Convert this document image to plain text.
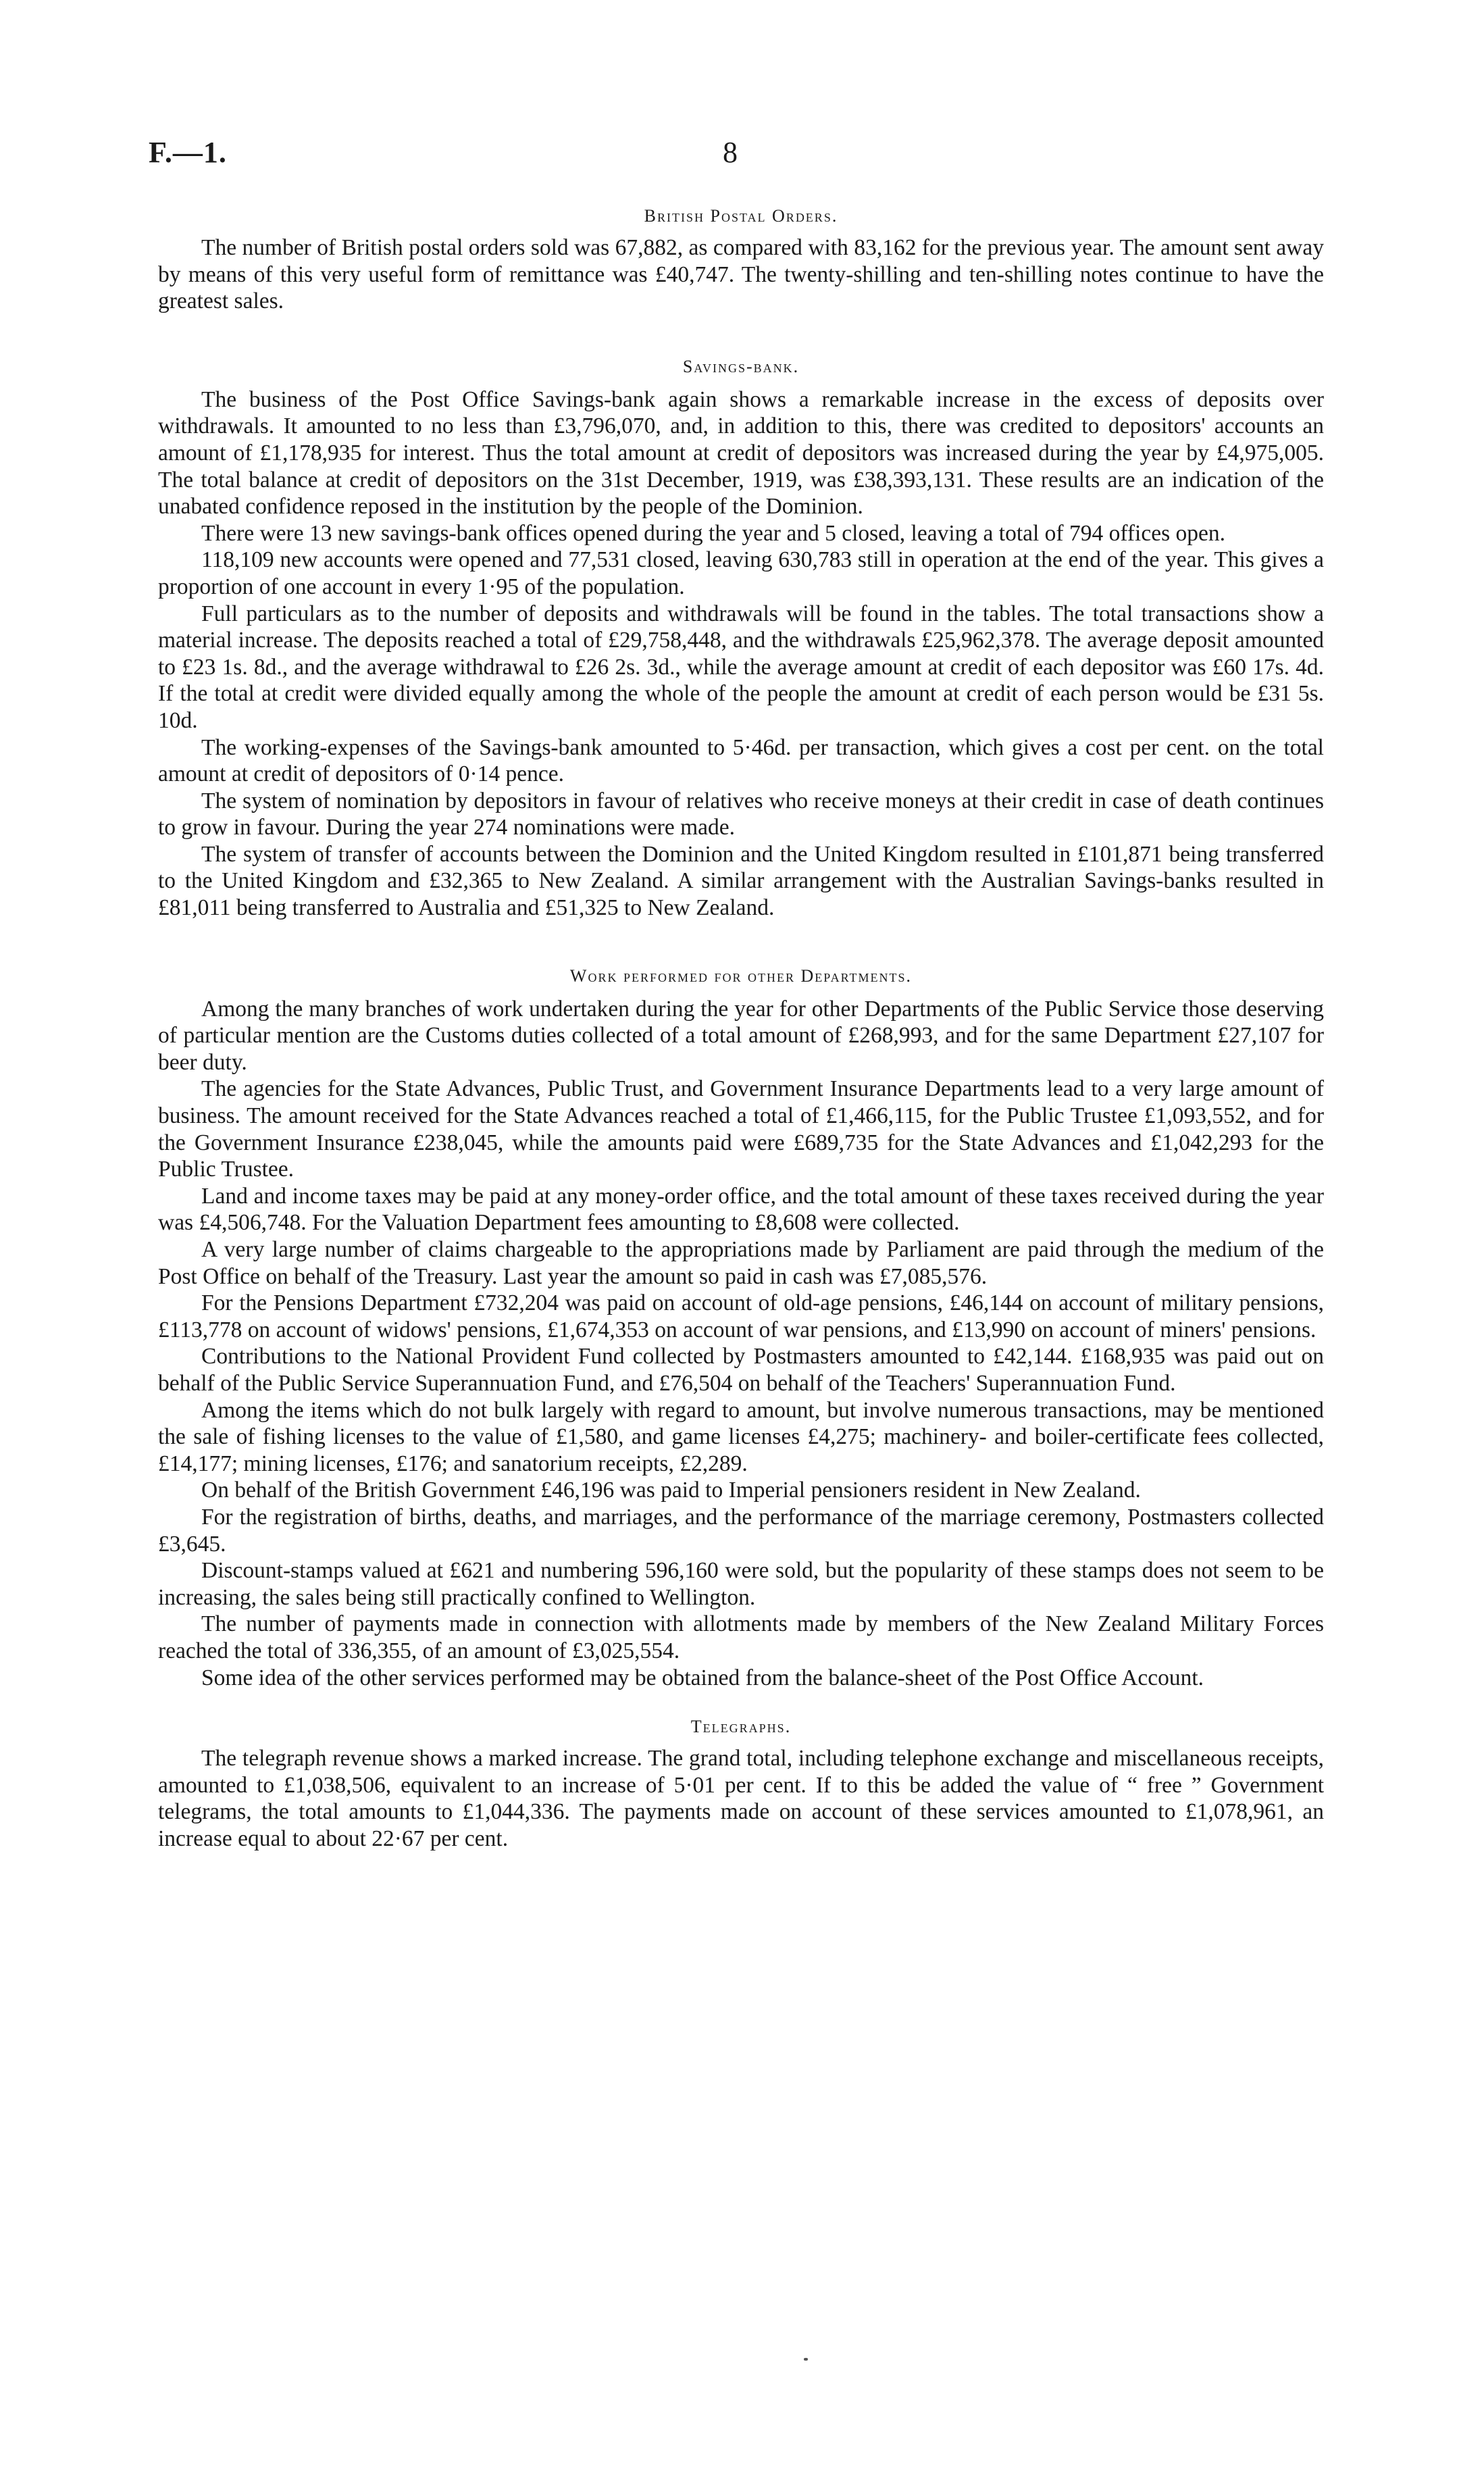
F.—1.	8
British Postal Orders.

The number of British postal orders sold was 67,882, as compared with 83,162 for the previous year. The amount sent away by means of this very useful form of remittance was £40,747. The twenty-shilling and ten-shilling notes continue to have the greatest sales.

Savings-bank.

The business of the Post Office Savings-bank again shows a remarkable increase in the excess of deposits over withdrawals. It amounted to no less than £3,796,070, and, in addition to this, there was credited to depositors' accounts an amount of £1,178,935 for interest. Thus the total amount at credit of depositors was increased during the year by £4,975,005. The total balance at credit of depositors on the 31st December, 1919, was £38,393,131. These results are an indication of the unabated confidence reposed in the institution by the people of the Dominion.

There were 13 new savings-bank offices opened during the year and 5 closed, leaving a total of 794 offices open.

118,109 new accounts were opened and 77,531 closed, leaving 630,783 still in operation at the end of the year. This gives a proportion of one account in every 1·95 of the population.

Full particulars as to the number of deposits and withdrawals will be found in the tables. The total transactions show a material increase. The deposits reached a total of £29,758,448, and the withdrawals £25,962,378. The average deposit amounted to £23 1s. 8d., and the average withdrawal to £26 2s. 3d., while the average amount at credit of each depositor was £60 17s. 4d. If the total at credit were divided equally among the whole of the people the amount at credit of each person would be £31 5s. 10d.

The working-expenses of the Savings-bank amounted to 5·46d. per transaction, which gives a cost per cent. on the total amount at credit of depositors of 0·14 pence.

The system of nomination by depositors in favour of relatives who receive moneys at their credit in case of death continues to grow in favour. During the year 274 nominations were made.

The system of transfer of accounts between the Dominion and the United Kingdom resulted in £101,871 being transferred to the United Kingdom and £32,365 to New Zealand. A similar arrangement with the Australian Savings-banks resulted in £81,011 being transferred to Australia and £51,325 to New Zealand.

Work performed for other Departments.

Among the many branches of work undertaken during the year for other Departments of the Public Service those deserving of particular mention are the Customs duties collected of a total amount of £268,993, and for the same Department £27,107 for beer duty.

The agencies for the State Advances, Public Trust, and Government Insurance Departments lead to a very large amount of business. The amount received for the State Advances reached a total of £1,466,115, for the Public Trustee £1,093,552, and for the Government Insurance £238,045, while the amounts paid were £689,735 for the State Advances and £1,042,293 for the Public Trustee.

Land and income taxes may be paid at any money-order office, and the total amount of these taxes received during the year was £4,506,748. For the Valuation Department fees amounting to £8,608 were collected.

A very large number of claims chargeable to the appropriations made by Parliament are paid through the medium of the Post Office on behalf of the Treasury. Last year the amount so paid in cash was £7,085,576.

For the Pensions Department £732,204 was paid on account of old-age pensions, £46,144 on account of military pensions, £113,778 on account of widows' pensions, £1,674,353 on account of war pensions, and £13,990 on account of miners' pensions.

Contributions to the National Provident Fund collected by Postmasters amounted to £42,144. £168,935 was paid out on behalf of the Public Service Superannuation Fund, and £76,504 on behalf of the Teachers' Superannuation Fund.

Among the items which do not bulk largely with regard to amount, but involve numerous transactions, may be mentioned the sale of fishing licenses to the value of £1,580, and game licenses £4,275; machinery- and boiler-certificate fees collected, £14,177; mining licenses, £176; and sanatorium receipts, £2,289.

On behalf of the British Government £46,196 was paid to Imperial pensioners resident in New Zealand.

For the registration of births, deaths, and marriages, and the performance of the marriage ceremony, Postmasters collected £3,645.

Discount-stamps valued at £621 and numbering 596,160 were sold, but the popularity of these stamps does not seem to be increasing, the sales being still practically confined to Wellington.

The number of payments made in connection with allotments made by members of the New Zealand Military Forces reached the total of 336,355, of an amount of £3,025,554.

Some idea of the other services performed may be obtained from the balance-sheet of the Post Office Account.

Telegraphs.

The telegraph revenue shows a marked increase. The grand total, including telephone exchange and miscellaneous receipts, amounted to £1,038,506, equivalent to an increase of 5·01 per cent. If to this be added the value of “ free ” Government telegrams, the total amounts to £1,044,336. The payments made on account of these services amounted to £1,078,961, an increase equal to about 22·67 per cent.
